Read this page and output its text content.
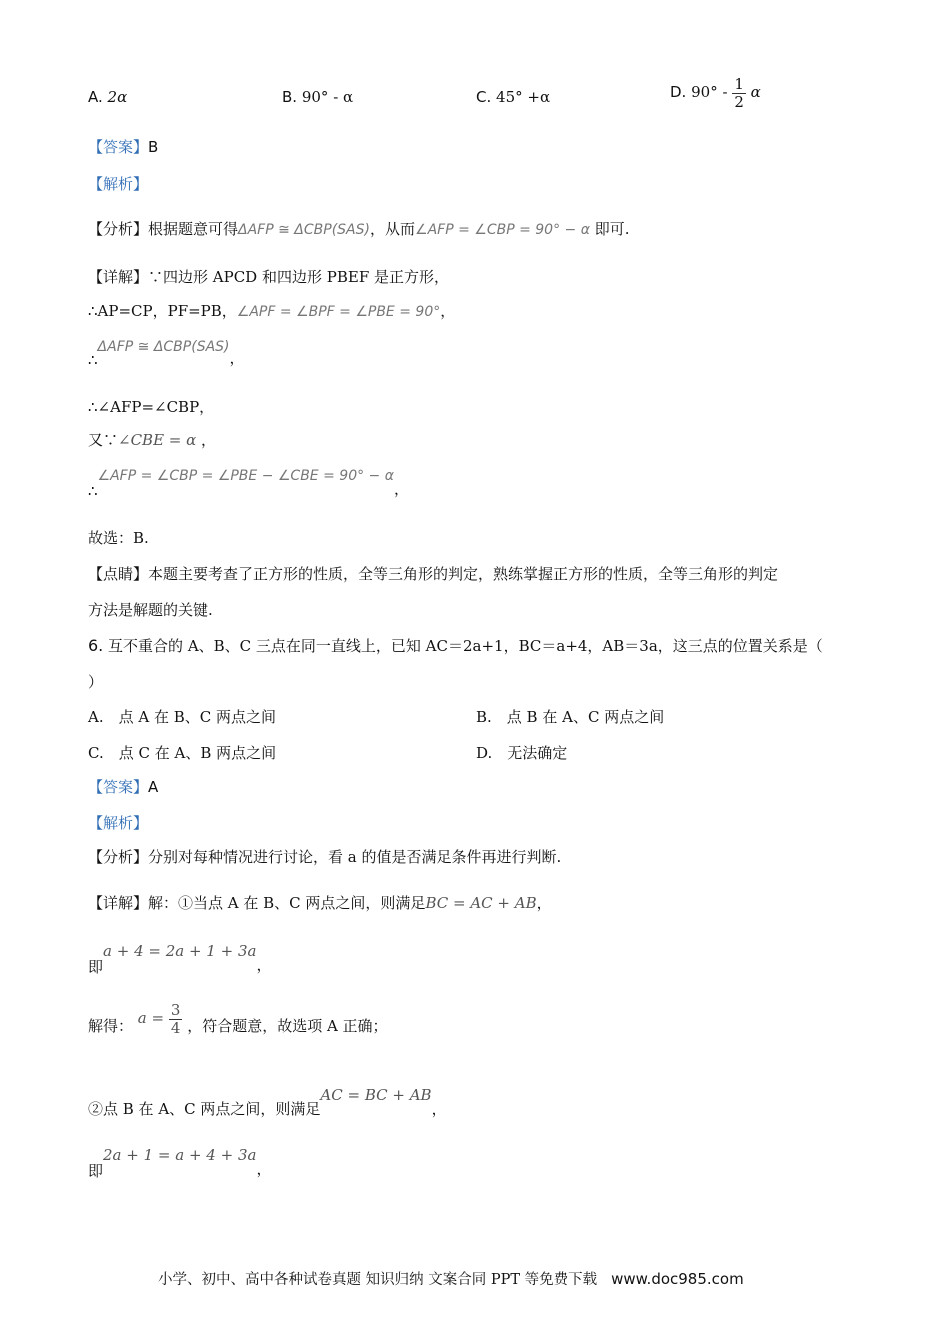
A. 2α	B. 90° - α	C. 45° +α	D. $90^\circ - \frac{1}{2}$ α
【答案】B
【解析】
【分析】根据题意可得ΔAFP ≅ ΔCBP(SAS)，从而∠AFP = ∠CBP = 90° − α 即可.
【详解】∵四边形 APCD 和四边形 PBEF 是正方形，
∴AP=CP，PF=PB，∠APF = ∠BPF = ∠PBE = 90°，
∴ΔAFP ≅ ΔCBP(SAS)，
∴∠AFP=∠CBP，
又∵∠CBE = α ，
∴∠AFP = ∠CBP = ∠PBE − ∠CBE = 90° − α，
故选：B.
【点睛】本题主要考查了正方形的性质，全等三角形的判定，熟练掌握正方形的性质，全等三角形的判定
方法是解题的关键.
6. 互不重合的 A、B、C 三点在同一直线上，已知 AC＝2a+1，BC＝a+4，AB＝3a，这三点的位置关系是（
）
A.　点 A 在 B、C 两点之间	B.　点 B 在 A、C 两点之间
C.　点 C 在 A、B 两点之间	D.　无法确定
【答案】A
【解析】
【分析】分别对每种情况进行讨论，看 a 的值是否满足条件再进行判断.
【详解】解：①当点 A 在 B、C 两点之间，则满足BC = AC + AB，
即a + 4 = 2a + 1 + 3a，
解得： $a = \frac{3}{4}$ ，符合题意，故选项 A 正确；
②点 B 在 A、C 两点之间，则满足AC = BC + AB，
即2a + 1 = a + 4 + 3a，
小学、初中、高中各种试卷真题 知识归纳 文案合同 PPT 等免费下载 www.doc985.com
